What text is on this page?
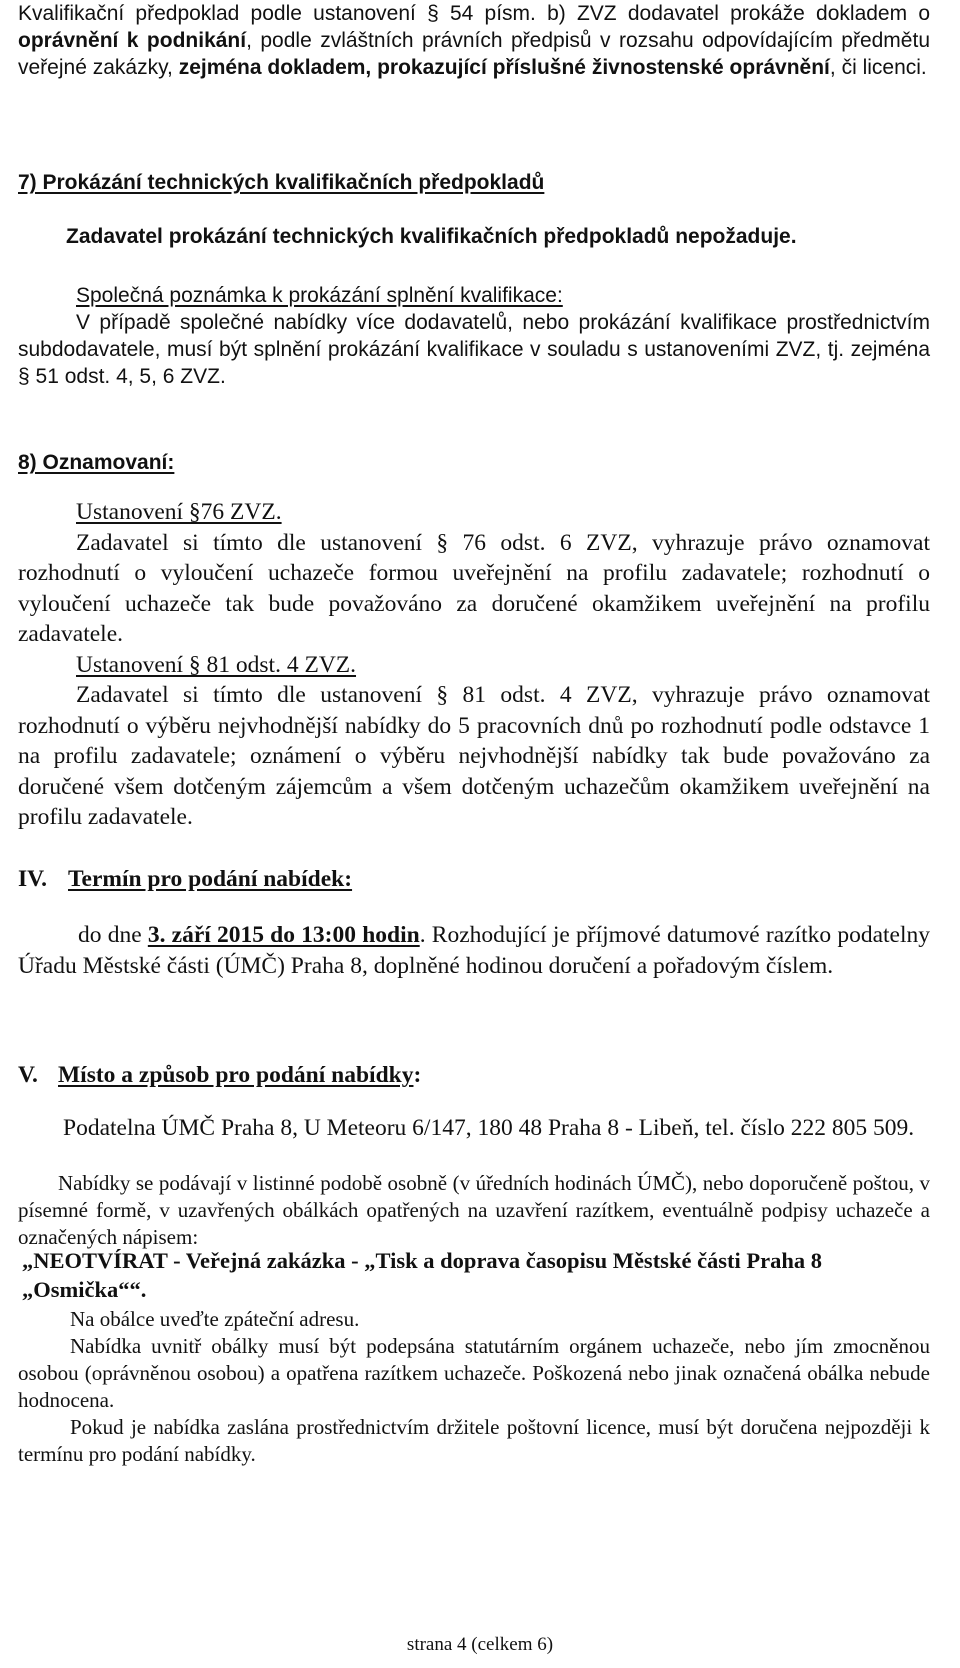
Kvalifikační předpoklad podle ustanovení § 54 písm. b) ZVZ dodavatel prokáže dokladem o oprávnění k podnikání, podle zvláštních právních předpisů v rozsahu odpovídajícím předmětu veřejné zakázky, zejména dokladem, prokazující příslušné živnostenské oprávnění, či licenci.

7) Prokázání technických kvalifikačních předpokladů

Zadavatel prokázání technických kvalifikačních předpokladů nepožaduje.

Společná poznámka k prokázání splnění kvalifikace:

V případě společné nabídky více dodavatelů, nebo prokázání kvalifikace prostřednictvím subdodavatele, musí být splnění prokázání kvalifikace v souladu s ustanoveními ZVZ, tj. zejména § 51 odst. 4, 5, 6 ZVZ.

8) Oznamovaní:

Ustanovení §76 ZVZ.

Zadavatel si tímto dle ustanovení § 76 odst. 6 ZVZ, vyhrazuje právo oznamovat rozhodnutí o vyloučení uchazeče formou uveřejnění na profilu zadavatele; rozhodnutí o vyloučení uchazeče tak bude považováno za doručené okamžikem uveřejnění na profilu zadavatele.

Ustanovení § 81 odst. 4 ZVZ.

Zadavatel si tímto dle ustanovení § 81 odst. 4 ZVZ, vyhrazuje právo oznamovat rozhodnutí o výběru nejvhodnější nabídky do 5 pracovních dnů po rozhodnutí podle odstavce 1 na profilu zadavatele; oznámení o výběru nejvhodnější nabídky tak bude považováno za doručené všem dotčeným zájemcům a všem dotčeným uchazečům okamžikem uveřejnění na profilu zadavatele.

IV. Termín pro podání nabídek:

do dne 3. září 2015 do 13:00 hodin. Rozhodující je příjmové datumové razítko podatelny Úřadu Městské části (ÚMČ) Praha 8, doplněné hodinou doručení a pořadovým číslem.

V. Místo a způsob pro podání nabídky:

Podatelna ÚMČ Praha 8, U Meteoru 6/147, 180 48 Praha 8 - Libeň, tel. číslo 222 805 509.

Nabídky se podávají v listinné podobě osobně (v úředních hodinách ÚMČ), nebo doporučeně poštou, v písemné formě, v uzavřených obálkách opatřených na uzavření razítkem, eventuálně podpisy uchazeče a označených nápisem:

„NEOTVÍRAT - Veřejná zakázka - „Tisk a doprava časopisu Městské části Praha 8 „Osmička““.

Na obálce uveďte zpáteční adresu.

Nabídka uvnitř obálky musí být podepsána statutárním orgánem uchazeče, nebo jím zmocněnou osobou (oprávněnou osobou) a opatřena razítkem uchazeče. Poškozená nebo jinak označená obálka nebude hodnocena.

Pokud je nabídka zaslána prostřednictvím držitele poštovní licence, musí být doručena nejpozději k termínu pro podání nabídky.

strana 4 (celkem 6)
